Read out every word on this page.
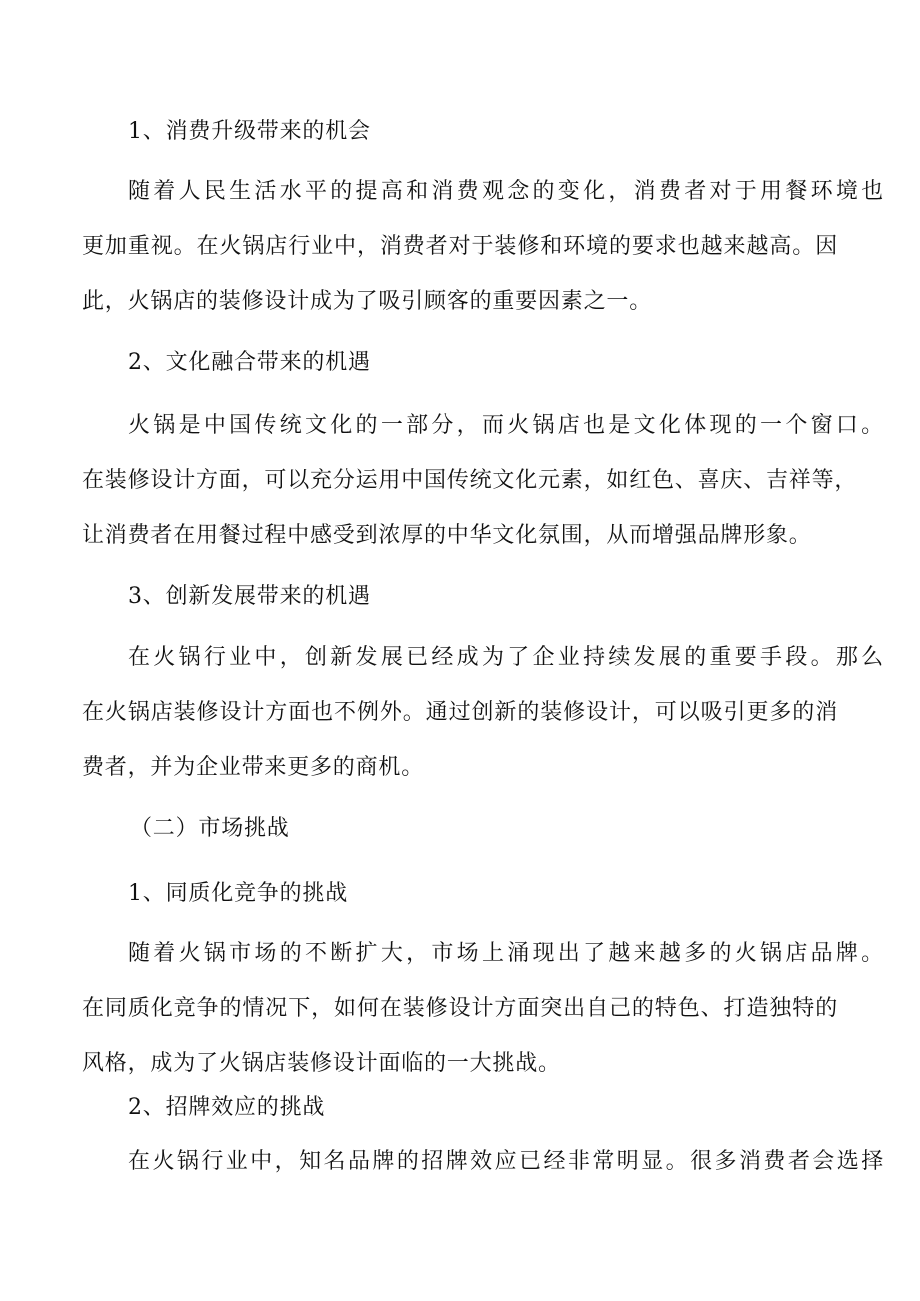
1、消费升级带来的机会
随着人民生活水平的提高和消费观念的变化，消费者对于用餐环境也
更加重视。在火锅店行业中，消费者对于装修和环境的要求也越来越高。因
此，火锅店的装修设计成为了吸引顾客的重要因素之一。
2、文化融合带来的机遇
火锅是中国传统文化的一部分，而火锅店也是文化体现的一个窗口。
在装修设计方面，可以充分运用中国传统文化元素，如红色、喜庆、吉祥等，
让消费者在用餐过程中感受到浓厚的中华文化氛围，从而增强品牌形象。
3、创新发展带来的机遇
在火锅行业中，创新发展已经成为了企业持续发展的重要手段。那么
在火锅店装修设计方面也不例外。通过创新的装修设计，可以吸引更多的消
费者，并为企业带来更多的商机。
（二）市场挑战
1、同质化竞争的挑战
随着火锅市场的不断扩大，市场上涌现出了越来越多的火锅店品牌。
在同质化竞争的情况下，如何在装修设计方面突出自己的特色、打造独特的
风格，成为了火锅店装修设计面临的一大挑战。
2、招牌效应的挑战
在火锅行业中，知名品牌的招牌效应已经非常明显。很多消费者会选择
